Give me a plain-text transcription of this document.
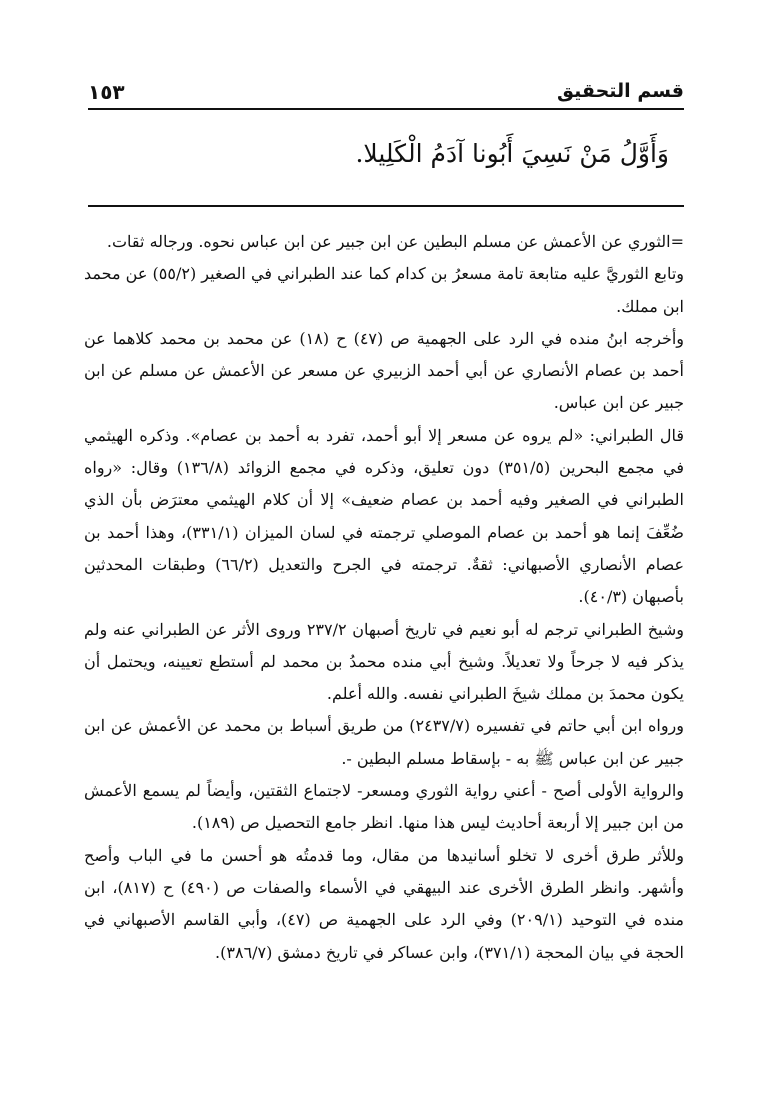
قسم التحقيق
١٥٣
وَأَوَّلُ مَنْ نَسِيَ أَبُونا آدَمُ الْكَلِيلا.

=الثوري عن الأعمش عن مسلم البطين عن ابن جبير عن ابن عباس نحوه. ورجاله ثقات.

وتابع الثوريَّ عليه متابعة تامة مسعرُ بن كدام كما عند الطبراني في الصغير (٥٥/٢) عن محمد ابن مملك.

وأخرجه ابنُ منده في الرد على الجهمية ص (٤٧) ح (١٨) عن محمد بن محمد كلاهما عن أحمد بن عصام الأنصاري عن أبي أحمد الزبيري عن مسعر عن الأعمش عن مسلم عن ابن جبير عن ابن عباس.

قال الطبراني: «لم يروه عن مسعر إلا أبو أحمد، تفرد به أحمد بن عصام». وذكره الهيثمي في مجمع البحرين (٣٥١/٥) دون تعليق، وذكره في مجمع الزوائد (١٣٦/٨) وقال: «رواه الطبراني في الصغير وفيه أحمد بن عصام ضعيف» إلا أن كلام الهيثمي معترَض بأن الذي ضُعِّفَ إنما هو أحمد بن عصام الموصلي ترجمته في لسان الميزان (٣٣١/١)، وهذا أحمد بن عصام الأنصاري الأصبهاني: ثقةٌ. ترجمته في الجرح والتعديل (٦٦/٢) وطبقات المحدثين بأصبهان (٤٠/٣).

وشيخ الطبراني ترجم له أبو نعيم في تاريخ أصبهان ٢٣٧/٢ وروى الأثر عن الطبراني عنه ولم يذكر فيه لا جرحاً ولا تعديلاً. وشيخ أبي منده محمدُ بن محمد لم أستطع تعيينه، ويحتمل أن يكون محمدَ بن مملك شيخَ الطبراني نفسه. والله أعلم.

ورواه ابن أبي حاتم في تفسيره (٢٤٣٧/٧) من طريق أسباط بن محمد عن الأعمش عن ابن جبير عن ابن عباس ﷺ به - بإسقاط مسلم البطين -.

والرواية الأولى أصح - أعني رواية الثوري ومسعر- لاجتماع الثقتين، وأيضاً لم يسمع الأعمش من ابن جبير إلا أربعة أحاديث ليس هذا منها. انظر جامع التحصيل ص (١٨٩).

وللأثر طرق أخرى لا تخلو أسانيدها من مقال، وما قدمتُه هو أحسن ما في الباب وأصح وأشهر. وانظر الطرق الأخرى عند البيهقي في الأسماء والصفات ص (٤٩٠) ح (٨١٧)، ابن منده في التوحيد (٢٠٩/١) وفي الرد على الجهمية ص (٤٧)، وأبي القاسم الأصبهاني في الحجة في بيان المحجة (٣٧١/١)، وابن عساكر في تاريخ دمشق (٣٨٦/٧).
